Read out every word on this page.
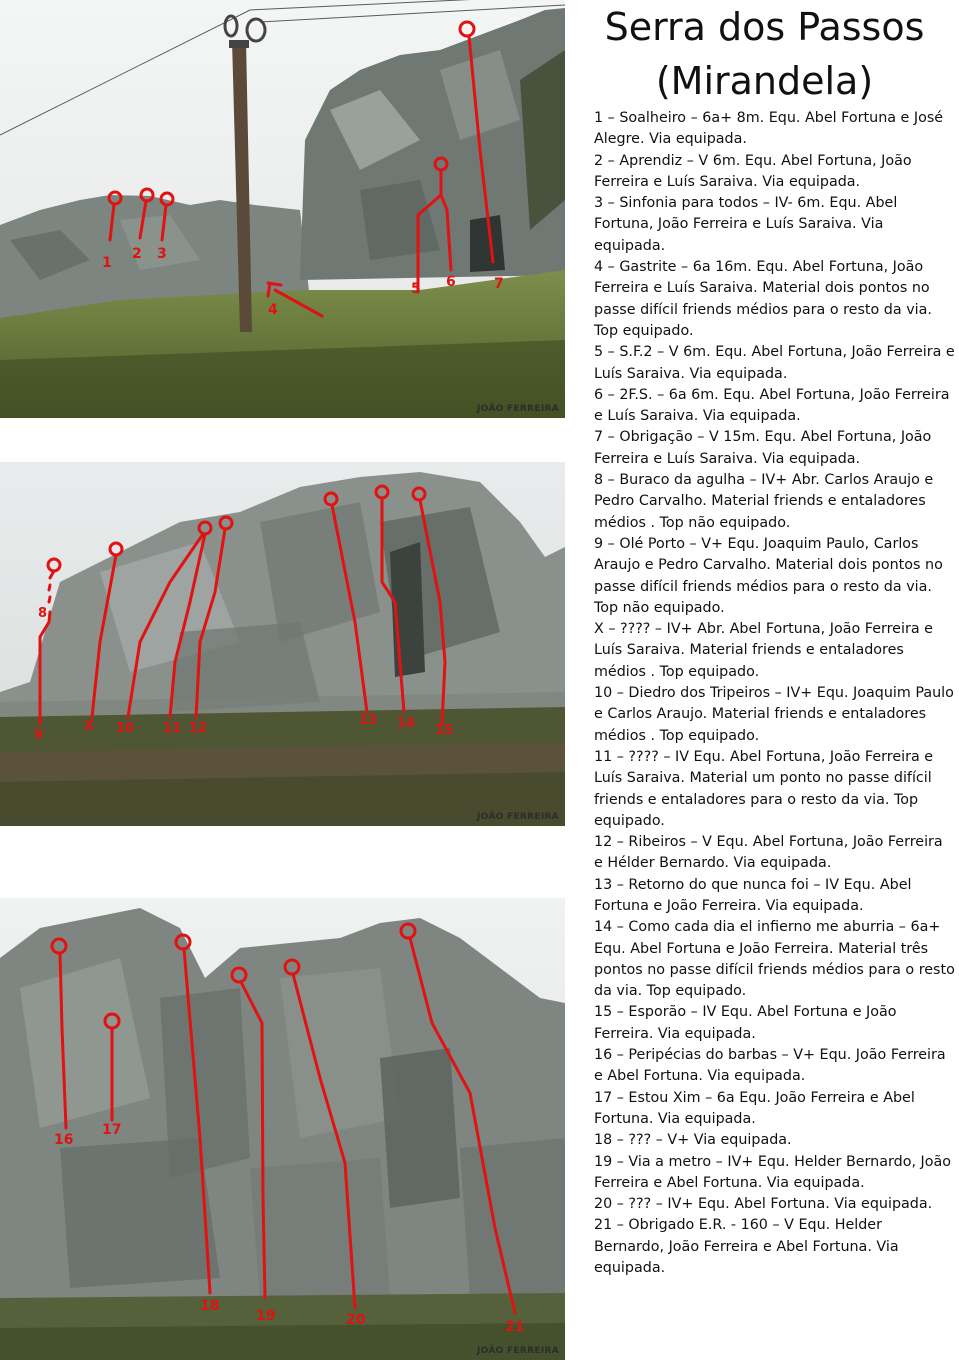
1
2 3
4
5 6	7
JOÃO FERREIRA
8
9
X 10 11 12
13 14 15
JOÃO FERREIRA
16
17
18
19	20	21
JOÃO FERREIRA
Serra dos Passos
(Mirandela)
1 – Soalheiro – 6a+ 8m. Equ. Abel Fortuna e José Alegre. Via equipada.
2 – Aprendiz – V 6m. Equ. Abel Fortuna, João Ferreira e Luís Saraiva. Via equipada.
3 – Sinfonia para todos – IV- 6m. Equ. Abel Fortuna, João Ferreira e Luís Saraiva. Via equipada.
4 – Gastrite – 6a 16m. Equ. Abel Fortuna, João Ferreira e Luís Saraiva. Material dois pontos no passe difícil friends médios para o resto da via. Top equipado.
5 – S.F.2 – V 6m. Equ. Abel Fortuna, João Ferreira e Luís Saraiva. Via equipada.
6 – 2F.S. – 6a 6m. Equ. Abel Fortuna, João Ferreira e Luís Saraiva. Via equipada.
7 – Obrigação – V 15m. Equ. Abel Fortuna, João Ferreira e Luís Saraiva. Via equipada.
8 – Buraco da agulha – IV+ Abr. Carlos Araujo e Pedro Carvalho. Material friends e entaladores médios . Top não equipado.
9 – Olé Porto – V+ Equ. Joaquim Paulo, Carlos Araujo e Pedro Carvalho. Material dois pontos no passe difícil friends médios para o resto da via. Top não equipado.
X – ???? – IV+ Abr. Abel Fortuna, João Ferreira e Luís Saraiva. Material friends e entaladores médios . Top equipado.
10 – Diedro dos Tripeiros – IV+ Equ. Joaquim Paulo e Carlos Araujo. Material friends e entaladores médios . Top equipado.
11 – ???? – IV Equ. Abel Fortuna, João Ferreira e Luís Saraiva. Material um ponto no passe difícil friends e entaladores para o resto da via. Top equipado.
12 – Ribeiros – V Equ. Abel Fortuna, João Ferreira e Hélder Bernardo. Via equipada.
13 – Retorno do que nunca foi – IV Equ. Abel Fortuna e João Ferreira. Via equipada.
14 – Como cada dia el infierno me aburria – 6a+ Equ. Abel Fortuna e João Ferreira. Material três pontos no passe difícil friends médios para o resto da via. Top equipado.
15 – Esporão – IV Equ. Abel Fortuna e João Ferreira. Via equipada.
16 – Peripécias do barbas – V+ Equ. João Ferreira e Abel Fortuna. Via equipada.
17 – Estou Xim – 6a Equ. João Ferreira e Abel Fortuna. Via equipada.
18 – ??? – V+ Via equipada.
19 – Via a metro – IV+ Equ. Helder Bernardo, João Ferreira e Abel Fortuna. Via equipada.
20 – ??? – IV+ Equ. Abel Fortuna. Via equipada.
21 – Obrigado E.R. - 160 – V Equ. Helder Bernardo, João Ferreira e Abel Fortuna. Via equipada.
